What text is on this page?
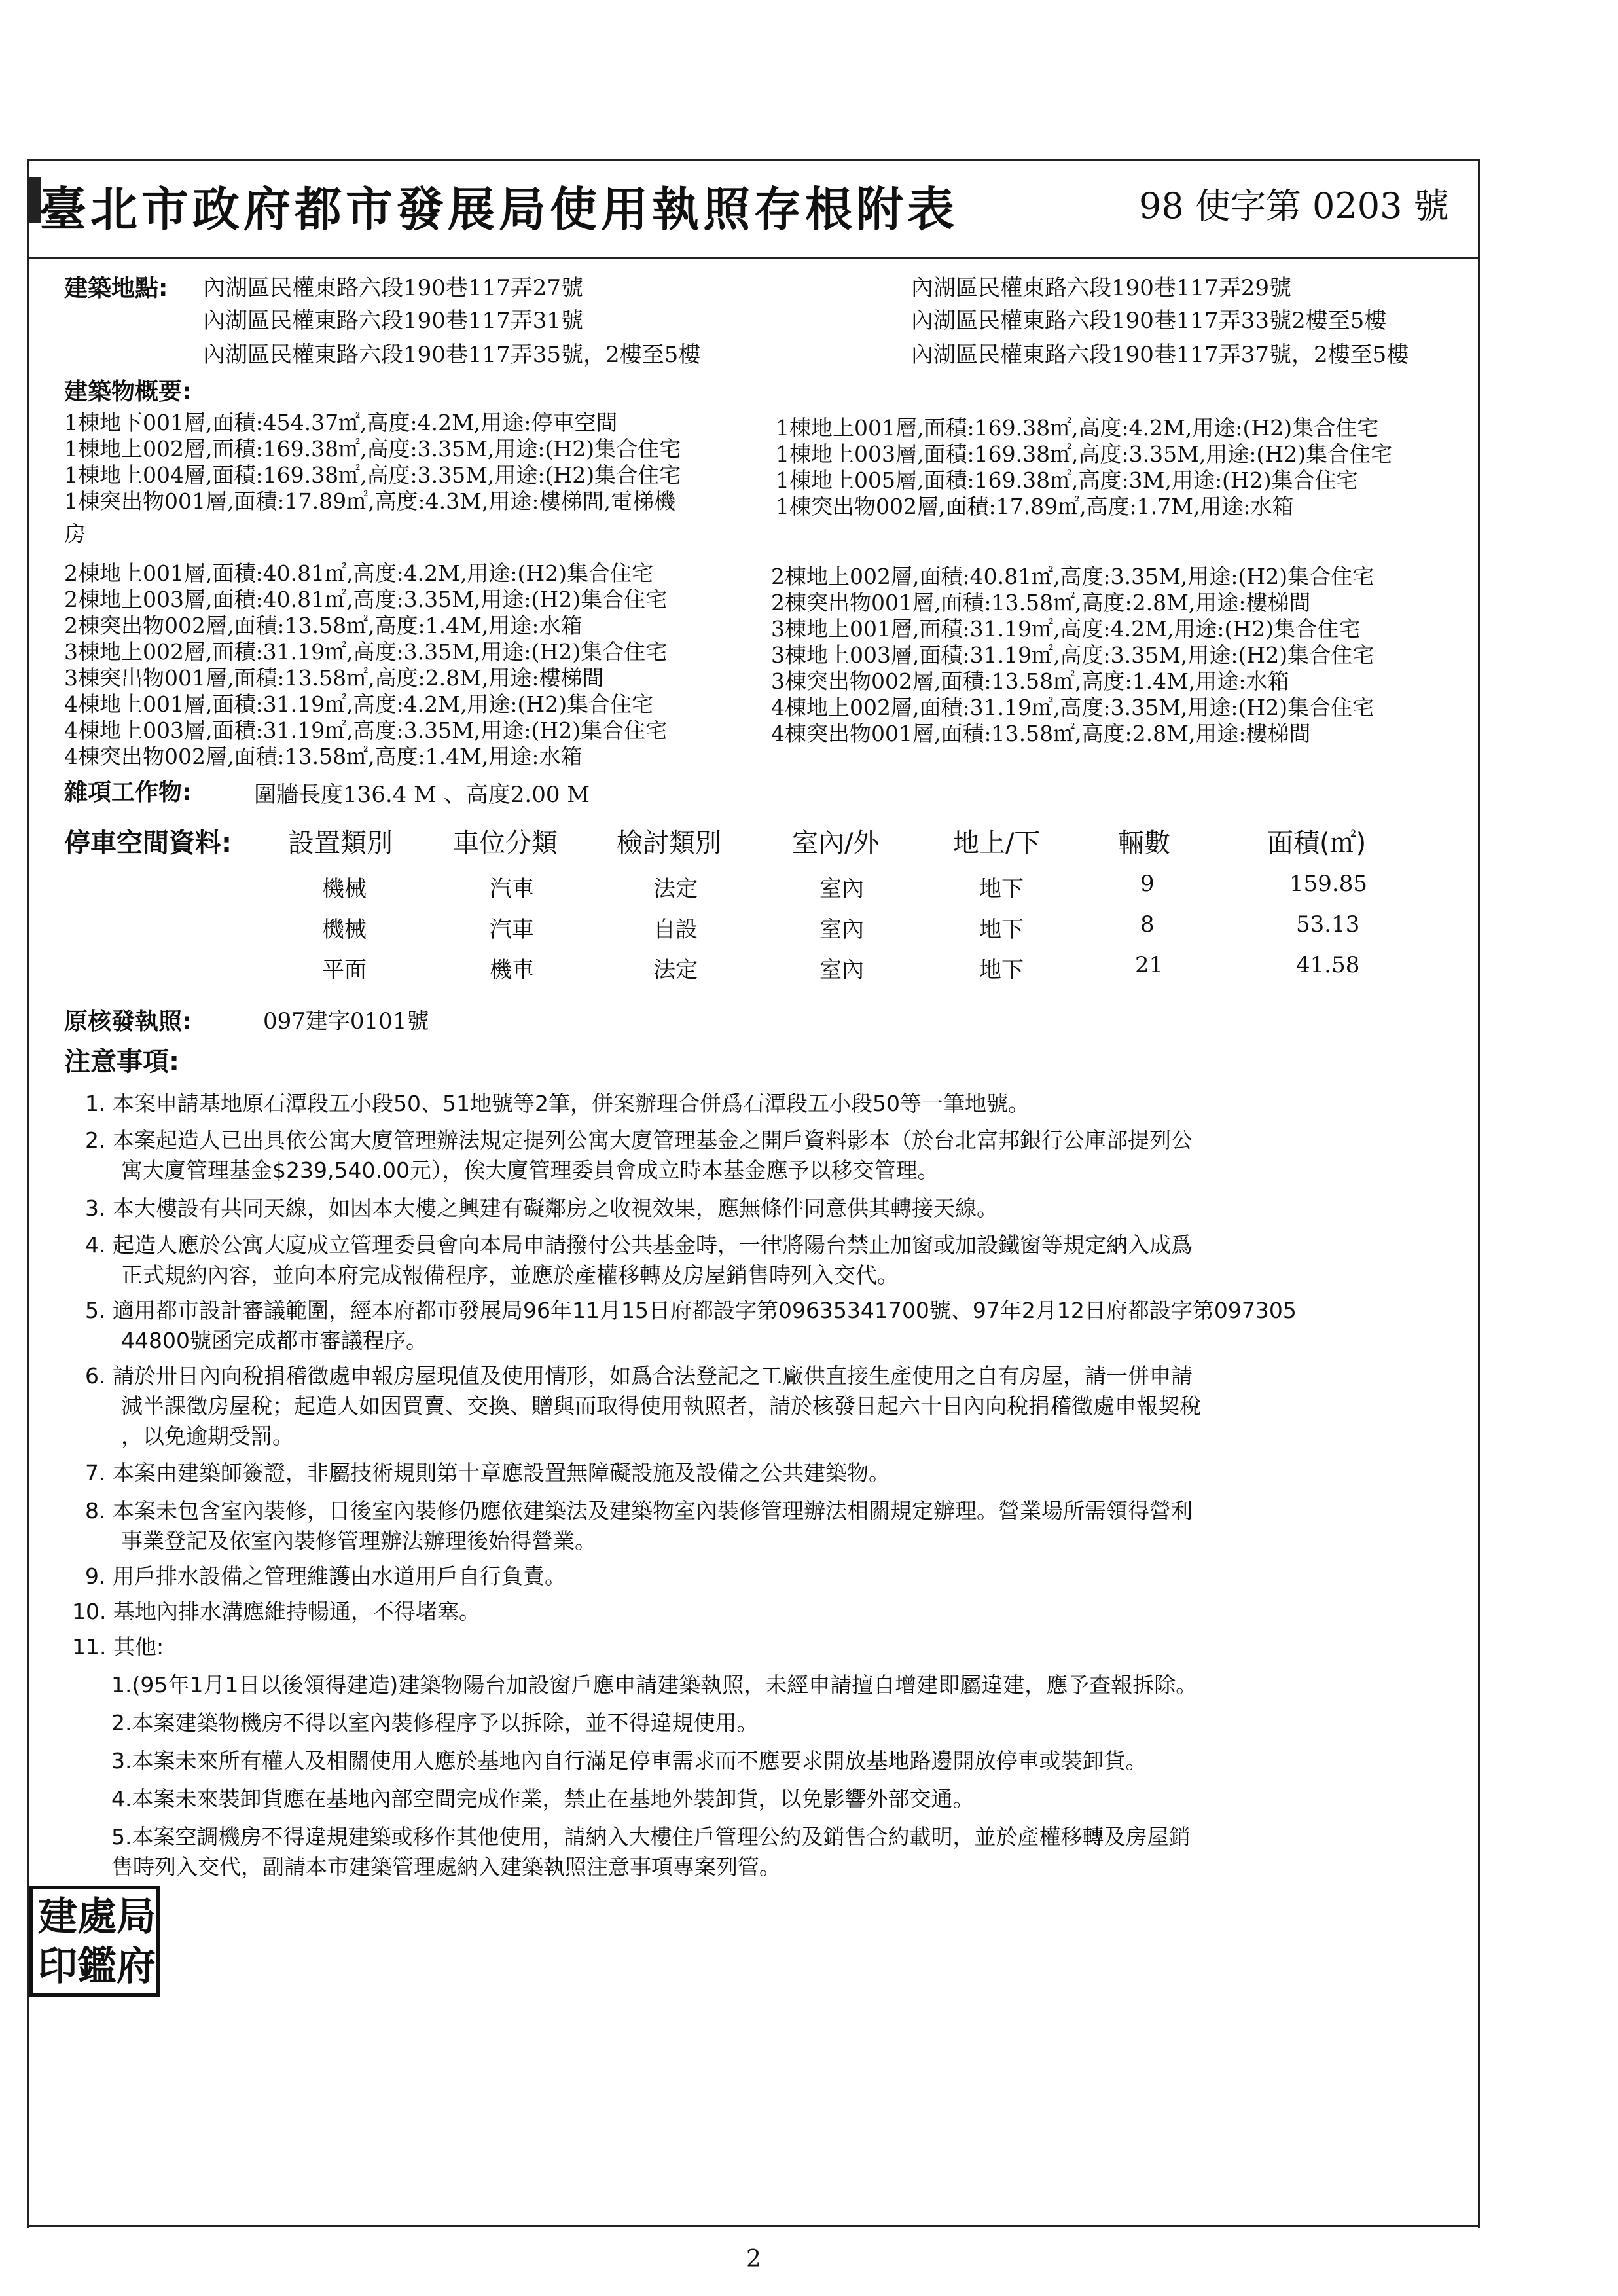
臺北市政府都市發展局使用執照存根附表	98 使字第 0203 號
建築地點: 內湖區民權東路六段190巷117弄27號	內湖區民權東路六段190巷117弄29號
內湖區民權東路六段190巷117弄31號	內湖區民權東路六段190巷117弄33號2樓至5樓
內湖區民權東路六段190巷117弄35號，2樓至5樓	內湖區民權東路六段190巷117弄37號，2樓至5樓
建築物概要:
1棟地下001層,面積:454.37㎡,高度:4.2M,用途:停車空間	1棟地上001層,面積:169.38㎡,高度:4.2M,用途:(H2)集合住宅
1棟地上002層,面積:169.38㎡,高度:3.35M,用途:(H2)集合住宅	1棟地上003層,面積:169.38㎡,高度:3.35M,用途:(H2)集合住宅
1棟地上004層,面積:169.38㎡,高度:3.35M,用途:(H2)集合住宅	1棟地上005層,面積:169.38㎡,高度:3M,用途:(H2)集合住宅
1棟突出物001層,面積:17.89㎡,高度:4.3M,用途:樓梯間,電梯機	1棟突出物002層,面積:17.89㎡,高度:1.7M,用途:水箱
房
2棟地上001層,面積:40.81㎡,高度:4.2M,用途:(H2)集合住宅	2棟地上002層,面積:40.81㎡,高度:3.35M,用途:(H2)集合住宅
2棟地上003層,面積:40.81㎡,高度:3.35M,用途:(H2)集合住宅	2棟突出物001層,面積:13.58㎡,高度:2.8M,用途:樓梯間
2棟突出物002層,面積:13.58㎡,高度:1.4M,用途:水箱	3棟地上001層,面積:31.19㎡,高度:4.2M,用途:(H2)集合住宅
3棟地上002層,面積:31.19㎡,高度:3.35M,用途:(H2)集合住宅	3棟地上003層,面積:31.19㎡,高度:3.35M,用途:(H2)集合住宅
3棟突出物001層,面積:13.58㎡,高度:2.8M,用途:樓梯間	3棟突出物002層,面積:13.58㎡,高度:1.4M,用途:水箱
4棟地上001層,面積:31.19㎡,高度:4.2M,用途:(H2)集合住宅	4棟地上002層,面積:31.19㎡,高度:3.35M,用途:(H2)集合住宅
4棟地上003層,面積:31.19㎡,高度:3.35M,用途:(H2)集合住宅	4棟突出物001層,面積:13.58㎡,高度:2.8M,用途:樓梯間
4棟突出物002層,面積:13.58㎡,高度:1.4M,用途:水箱
雜項工作物:	圍牆長度136.4 M 、高度2.00 M
停車空間資料: 設置類別 車位分類 檢討類別	室內/外	地上/下	輛數	面積(㎡)
機械	汽車	法定	室內	地下	9	159.85
機械	汽車	自設	室內	地下	8	53.13
平面	機車	法定	室內	地下	21	41.58
原核發執照:	097建字0101號
注意事項:
1. 本案申請基地原石潭段五小段50、51地號等2筆，併案辦理合併爲石潭段五小段50等一筆地號。
2. 本案起造人已出具依公寓大廈管理辦法規定提列公寓大廈管理基金之開戶資料影本（於台北富邦銀行公庫部提列公
寓大廈管理基金$239,540.00元），俟大廈管理委員會成立時本基金應予以移交管理。
3. 本大樓設有共同天線，如因本大樓之興建有礙鄰房之收視效果，應無條件同意供其轉接天線。
4. 起造人應於公寓大廈成立管理委員會向本局申請撥付公共基金時，一律將陽台禁止加窗或加設鐵窗等規定納入成爲
正式規約內容，並向本府完成報備程序，並應於產權移轉及房屋銷售時列入交代。
5. 適用都市設計審議範圍，經本府都市發展局96年11月15日府都設字第09635341700號、97年2月12日府都設字第097305
44800號函完成都市審議程序。
6. 請於卅日內向稅捐稽徵處申報房屋現值及使用情形，如爲合法登記之工廠供直接生產使用之自有房屋，請一併申請
減半課徵房屋稅；起造人如因買賣、交換、贈與而取得使用執照者，請於核發日起六十日內向稅捐稽徵處申報契稅
，以免逾期受罰。
7. 本案由建築師簽證，非屬技術規則第十章應設置無障礙設施及設備之公共建築物。
8. 本案未包含室內裝修，日後室內裝修仍應依建築法及建築物室內裝修管理辦法相關規定辦理。營業場所需領得營利
事業登記及依室內裝修管理辦法辦理後始得營業。
9. 用戶排水設備之管理維護由水道用戶自行負責。
10. 基地內排水溝應維持暢通，不得堵塞。
11. 其他:
1.(95年1月1日以後領得建造)建築物陽台加設窗戶應申請建築執照，未經申請擅自增建即屬違建，應予查報拆除。
2.本案建築物機房不得以室內裝修程序予以拆除，並不得違規使用。
3.本案未來所有權人及相關使用人應於基地內自行滿足停車需求而不應要求開放基地路邊開放停車或裝卸貨。
4.本案未來裝卸貨應在基地內部空間完成作業，禁止在基地外裝卸貨，以免影響外部交通。
5.本案空調機房不得違規建築或移作其他使用，請納入大樓住戶管理公約及銷售合約載明，並於產權移轉及房屋銷
售時列入交代，副請本市建築管理處納入建築執照注意事項專案列管。
局
處
建
府
鑑
印
2
